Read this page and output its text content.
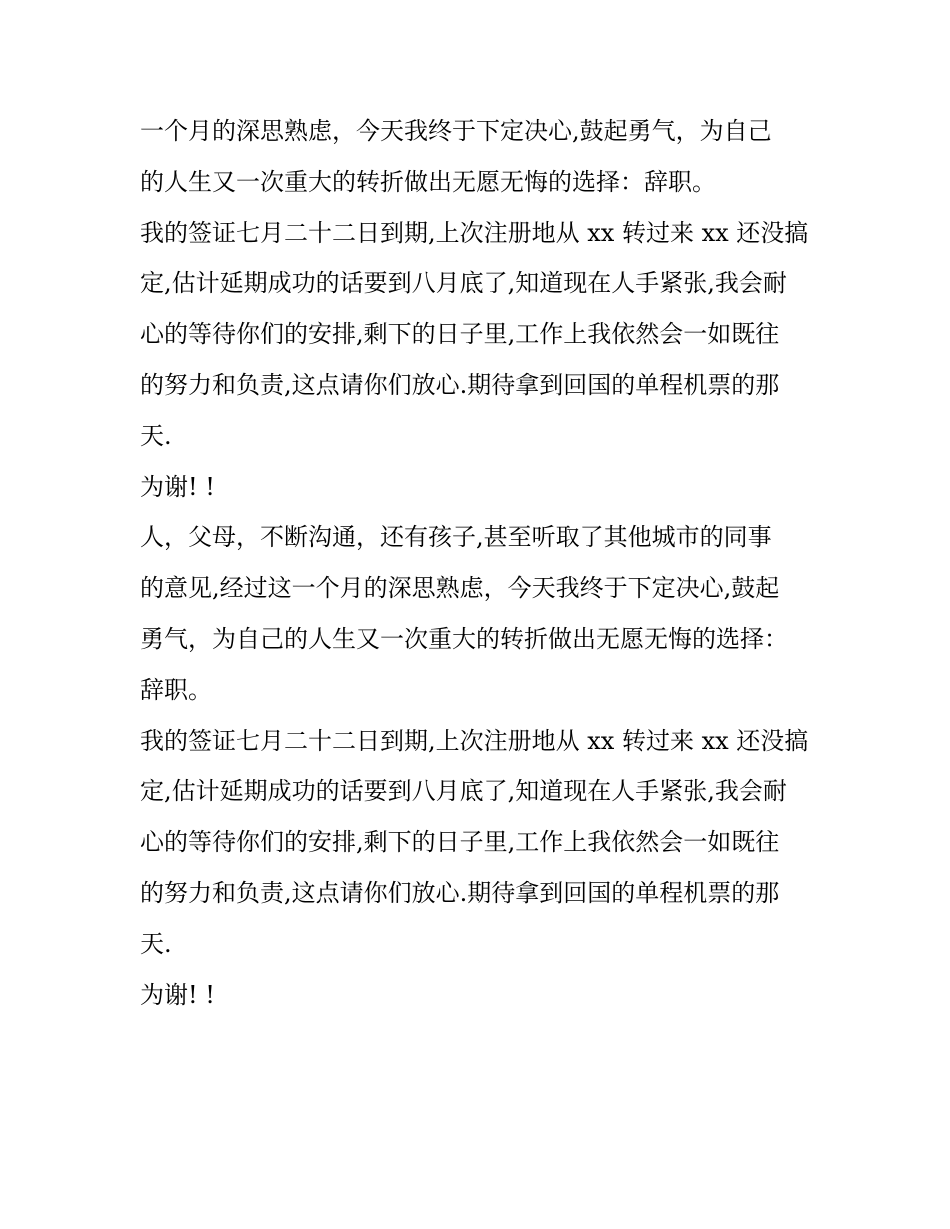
一个月的深思熟虑，今天我终于下定决心,鼓起勇气，为自己
的人生又一次重大的转折做出无愿无悔的选择：辞职。
我的签证七月二十二日到期,上次注册地从 xx 转过来 xx 还没搞
定,估计延期成功的话要到八月底了,知道现在人手紧张,我会耐
心的等待你们的安排,剩下的日子里,工作上我依然会一如既往
的努力和负责,这点请你们放心.期待拿到回国的单程机票的那
天.
为谢! !
人，父母，不断沟通，还有孩子,甚至听取了其他城市的同事
的意见,经过这一个月的深思熟虑，今天我终于下定决心,鼓起
勇气，为自己的人生又一次重大的转折做出无愿无悔的选择：
辞职。
我的签证七月二十二日到期,上次注册地从 xx 转过来 xx 还没搞
定,估计延期成功的话要到八月底了,知道现在人手紧张,我会耐
心的等待你们的安排,剩下的日子里,工作上我依然会一如既往
的努力和负责,这点请你们放心.期待拿到回国的单程机票的那
天.
为谢! !
